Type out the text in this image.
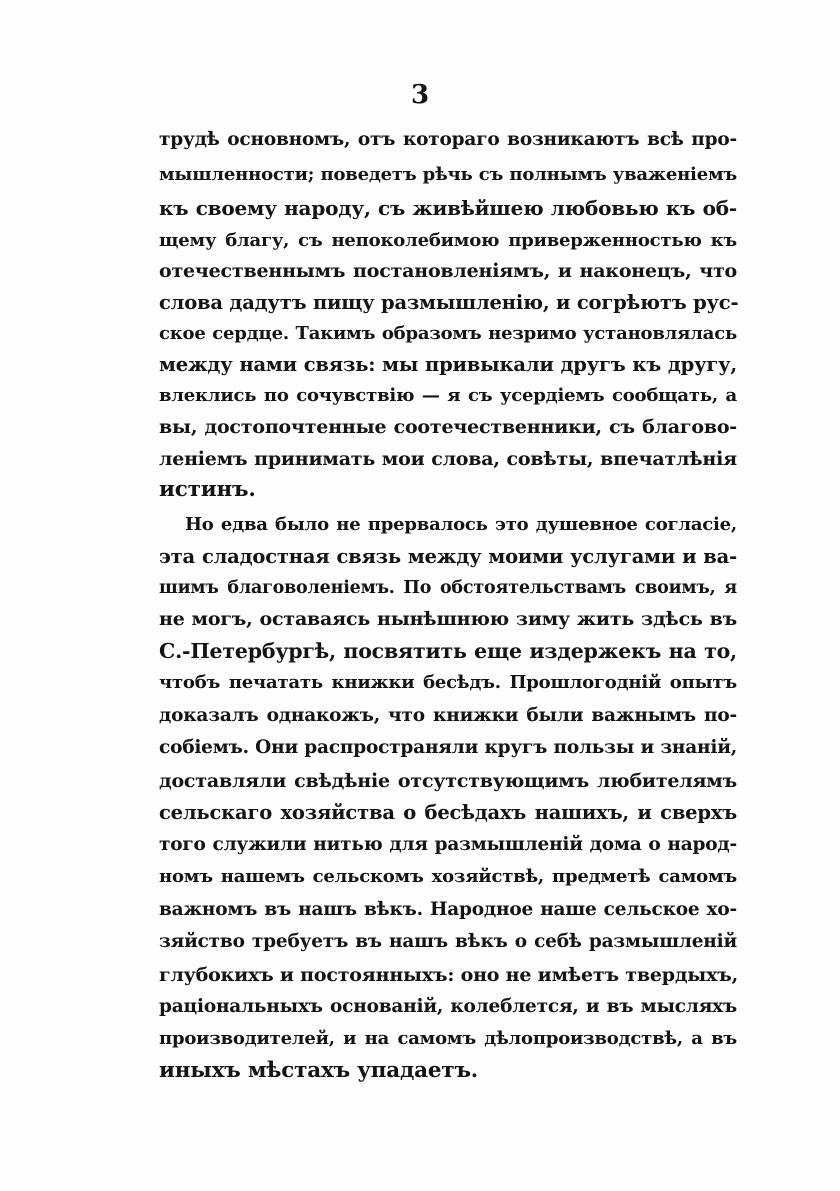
3
трудѣ основномъ, отъ котораго возникаютъ всѣ про-
мышленности; поведетъ рѣчь съ полнымъ уваженіемъ
къ своему народу, съ живѣйшею любовью къ об-
щему благу, съ непоколебимою приверженностью къ
отечественнымъ постановленіямъ, и наконецъ, что
слова дадутъ пищу размышленію, и согрѣютъ рус-
ское сердце. Такимъ образомъ незримо установлялась
между нами связь: мы привыкали другъ къ другу,
влеклись по сочувствію — я съ усердіемъ сообщать, а
вы, достопочтенные соотечественники, съ благово-
леніемъ принимать мои слова, совѣты, впечатлѣнія
истинъ.
Но едва было не прервалось это душевное согласіе,
эта сладостная связь между моими услугами и ва-
шимъ благоволеніемъ. По обстоятельствамъ своимъ, я
не могъ, оставаясь нынѣшнюю зиму жить здѣсь въ
С.-Петербургѣ, посвятить еще издержекъ на то,
чтобъ печатать книжки бесѣдъ. Прошлогодній опытъ
доказалъ однакожъ, что книжки были важнымъ по-
собіемъ. Они распространяли кругъ пользы и знаній,
доставляли свѣдѣніе отсутствующимъ любителямъ
сельскаго хозяйства о бесѣдахъ нашихъ, и сверхъ
того служили нитью для размышленій дома о народ-
номъ нашемъ сельскомъ хозяйствѣ, предметѣ самомъ
важномъ въ нашъ вѣкъ. Народное наше сельское хо-
зяйство требуетъ въ нашъ вѣкъ о себѣ размышленій
глубокихъ и постоянныхъ: оно не имѣетъ твердыхъ,
раціональныхъ основаній, колеблется, и въ мысляхъ
производителей, и на самомъ дѣлопроизводствѣ, а въ
иныхъ мѣстахъ упадаетъ.
